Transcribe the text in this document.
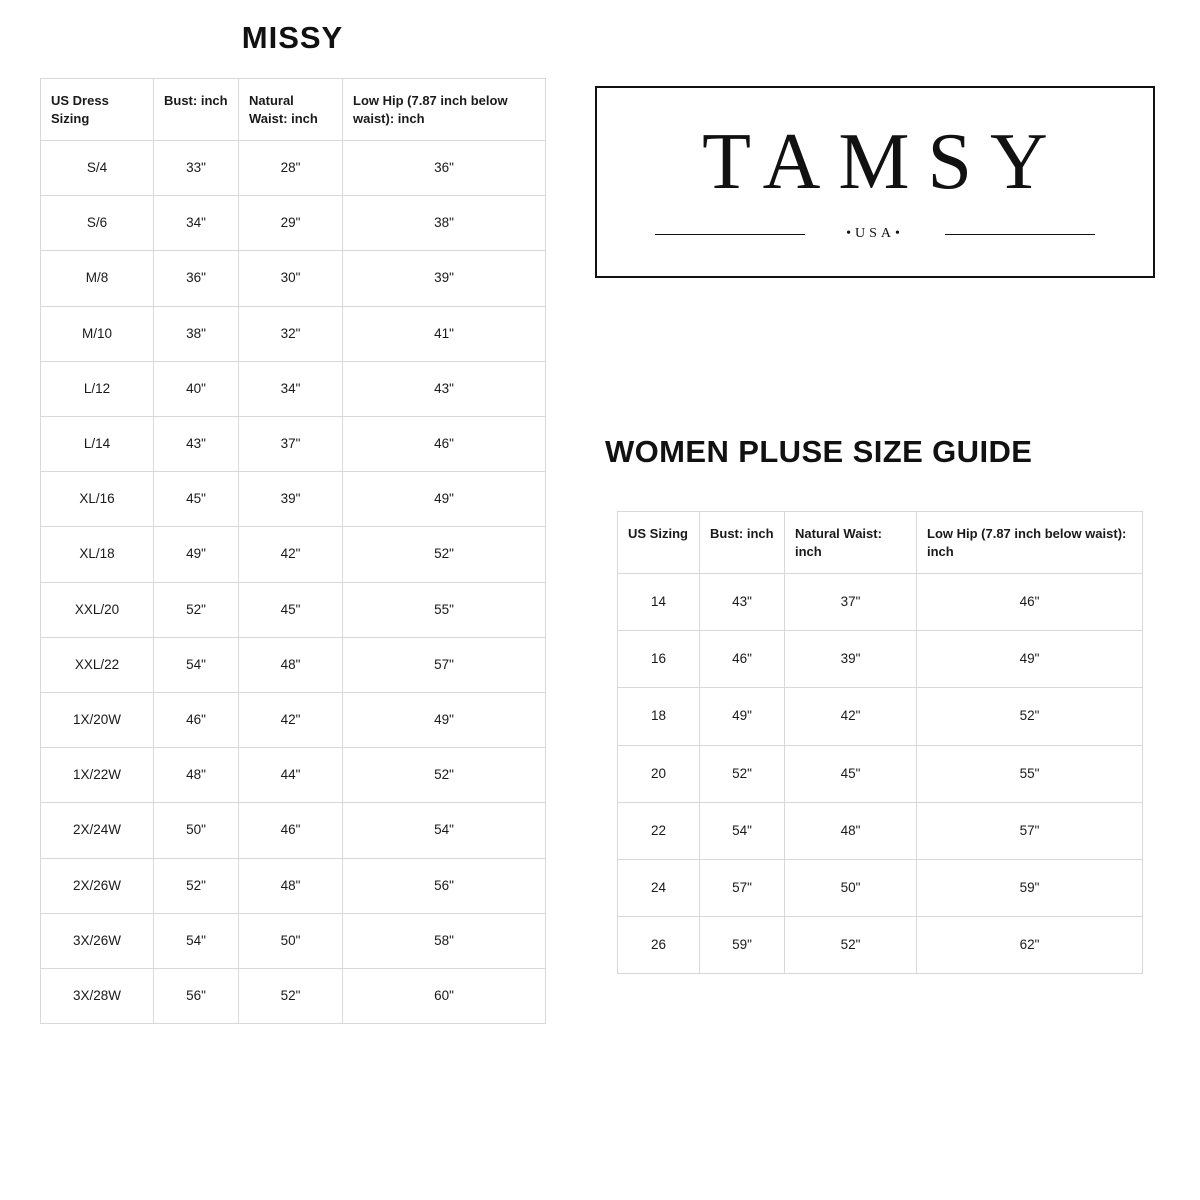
MISSY
US Dress Sizing	Bust: inch	Natural Waist: inch	Low Hip (7.87 inch below waist): inch
S/4	33"	28"	36"
S/6	34"	29"	38"
M/8	36"	30"	39"
M/10	38"	32"	41"
L/12	40"	34"	43"
L/14	43"	37"	46"
XL/16	45"	39"	49"
XL/18	49"	42"	52"
XXL/20	52"	45"	55"
XXL/22	54"	48"	57"
1X/20W	46"	42"	49"
1X/22W	48"	44"	52"
2X/24W	50"	46"	54"
2X/26W	52"	48"	56"
3X/26W	54"	50"	58"
3X/28W	56"	52"	60"
TAMSY
•USA•
WOMEN PLUSE SIZE GUIDE
US Sizing	Bust: inch	Natural Waist: inch	Low Hip (7.87 inch below waist): inch
14	43"	37"	46"
16	46"	39"	49"
18	49"	42"	52"
20	52"	45"	55"
22	54"	48"	57"
24	57"	50"	59"
26	59"	52"	62"
